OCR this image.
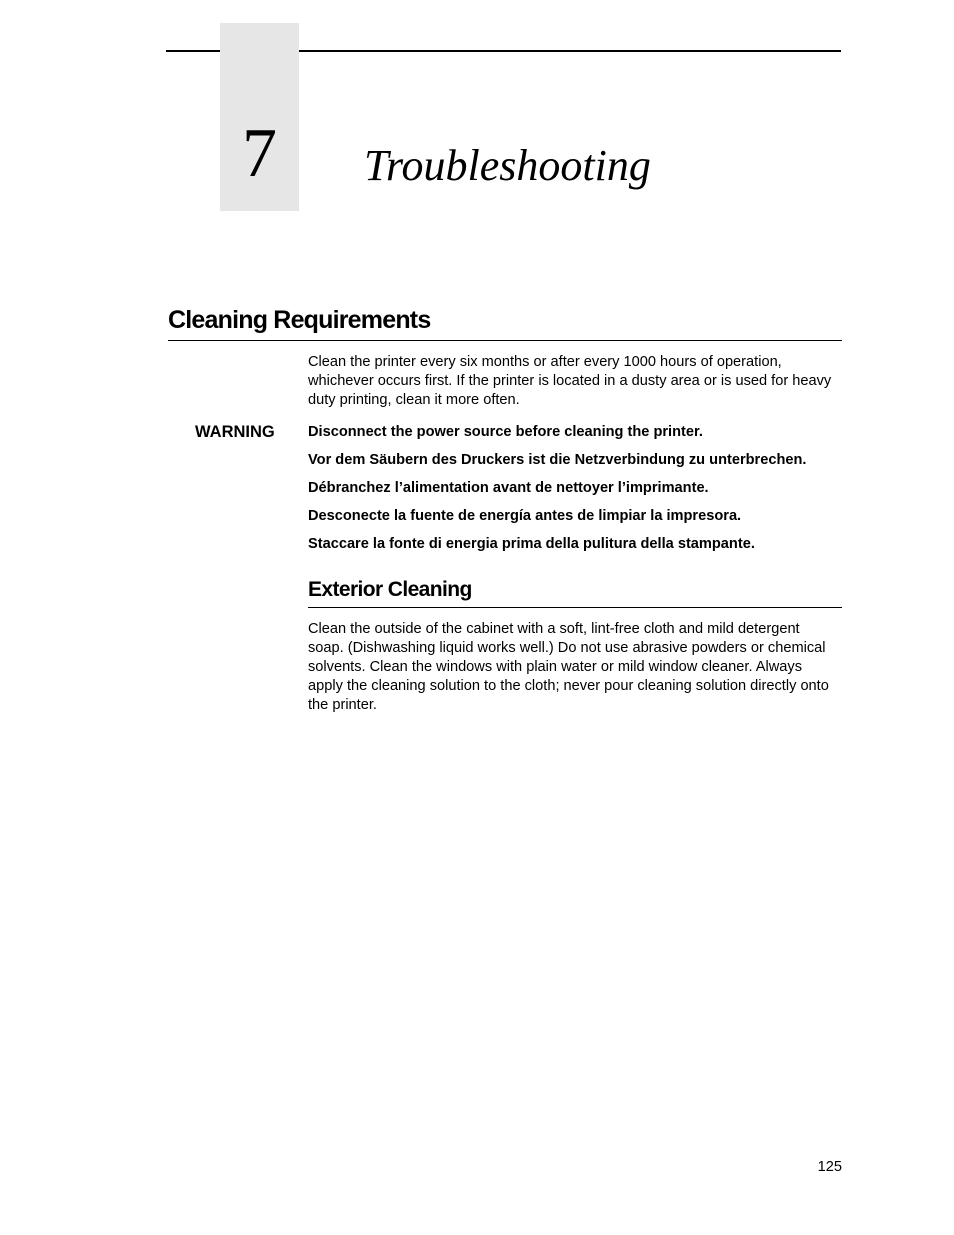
7	Troubleshooting
Cleaning Requirements

Clean the printer every six months or after every 1000 hours of operation, whichever occurs first. If the printer is located in a dusty area or is used for heavy duty printing, clean it more often.

WARNING Disconnect the power source before cleaning the printer.
Vor dem Säubern des Druckers ist die Netzverbindung zu unterbrechen.
Débranchez l’alimentation avant de nettoyer l’imprimante.
Desconecte la fuente de energía antes de limpiar la impresora.
Staccare la fonte di energia prima della pulitura della stampante.
Exterior Cleaning

Clean the outside of the cabinet with a soft, lint-free cloth and mild detergent soap. (Dishwashing liquid works well.) Do not use abrasive powders or chemical solvents. Clean the windows with plain water or mild window cleaner. Always apply the cleaning solution to the cloth; never pour cleaning solution directly onto the printer.

125
